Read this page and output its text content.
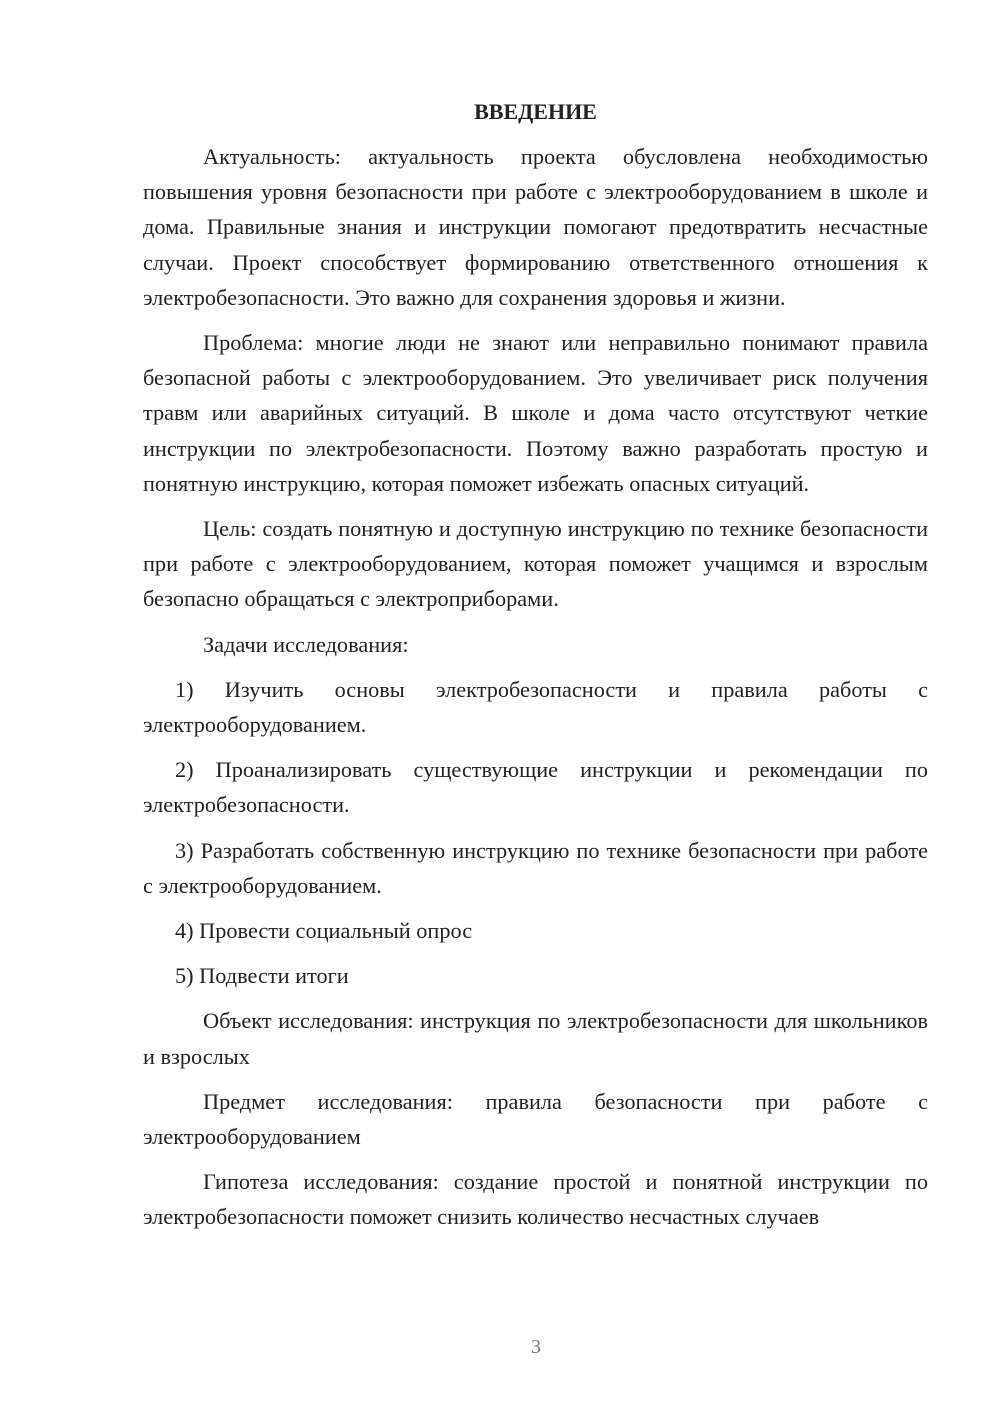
ВВЕДЕНИЕ

Актуальность: актуальность проекта обусловлена необходимостью повышения уровня безопасности при работе с электрооборудованием в школе и дома. Правильные знания и инструкции помогают предотвратить несчастные случаи. Проект способствует формированию ответственного отношения к электробезопасности. Это важно для сохранения здоровья и жизни.

Проблема: многие люди не знают или неправильно понимают правила безопасной работы с электрооборудованием. Это увеличивает риск получения травм или аварийных ситуаций. В школе и дома часто отсутствуют четкие инструкции по электробезопасности. Поэтому важно разработать простую и понятную инструкцию, которая поможет избежать опасных ситуаций.

Цель: создать понятную и доступную инструкцию по технике безопасности при работе с электрооборудованием, которая поможет учащимся и взрослым безопасно обращаться с электроприборами.

Задачи исследования:

1) Изучить основы электробезопасности и правила работы с электрооборудованием.

2) Проанализировать существующие инструкции и рекомендации по электробезопасности.

3) Разработать собственную инструкцию по технике безопасности при работе с электрооборудованием.

4) Провести социальный опрос

5) Подвести итоги

Объект исследования: инструкция по электробезопасности для школьников и взрослых

Предмет исследования: правила безопасности при работе с электрооборудованием

Гипотеза исследования: создание простой и понятной инструкции по электробезопасности поможет снизить количество несчастных случаев

3
